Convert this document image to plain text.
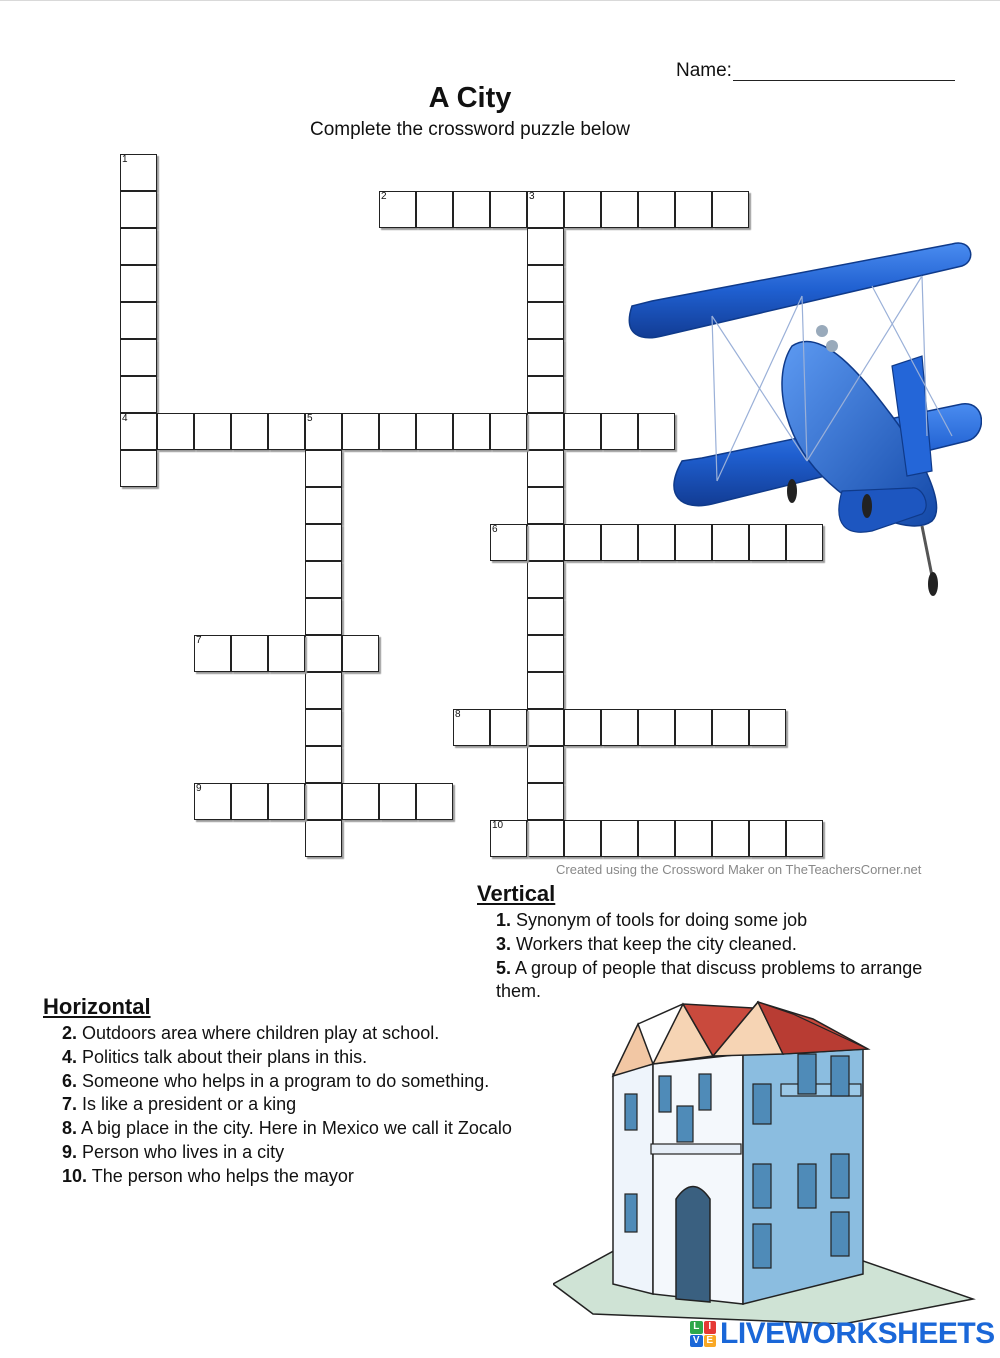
Name:
A City
Complete the crossword puzzle below
1
4
2	3
5
6
7
8
9
10
Created using the Crossword Maker on TheTeachersCorner.net
Vertical
1. Synonym of tools for doing some job
3. Workers that keep the city cleaned.
5. A group of people that discuss problems to arrange them.
Horizontal
2. Outdoors area where children play at school.
4. Politics talk about their plans in this.
6. Someone who helps in a program to do something.
7. Is like a president or a king
8. A big place in the city. Here in Mexico we call it Zocalo
9. Person who lives in a city
10. The person who helps the mayor
L I
V E LIVEWORKSHEETS
